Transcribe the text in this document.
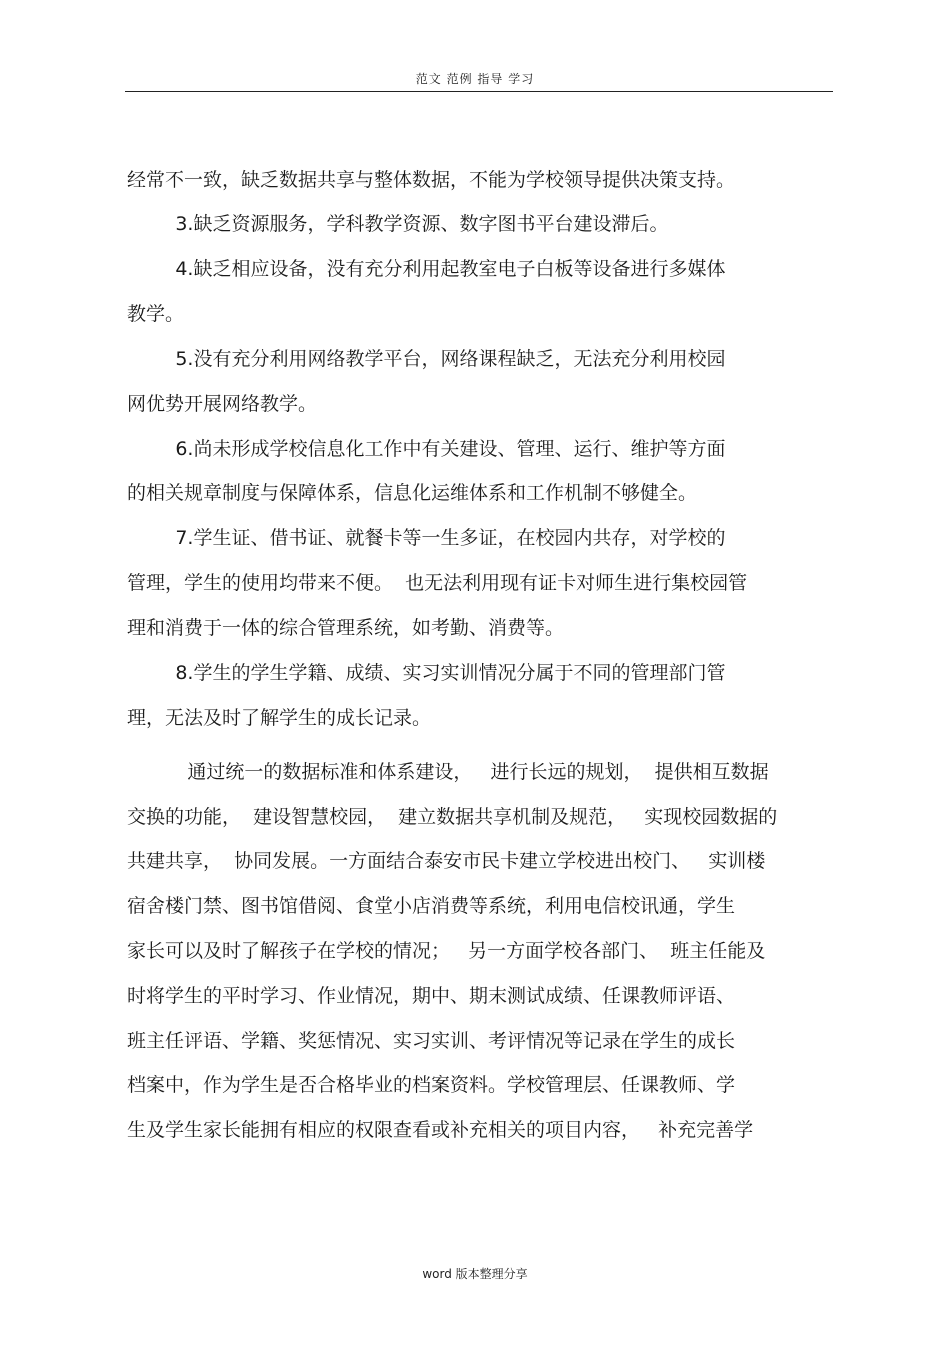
范文 范例 指导 学习
经常不一致，缺乏数据共享与整体数据，不能为学校领导提供决策支持。
3.缺乏资源服务，学科教学资源、数字图书平台建设滞后。
4.缺乏相应设备，没有充分利用起教室电子白板等设备进行多媒体
教学。
5.没有充分利用网络教学平台，网络课程缺乏，无法充分利用校园
网优势开展网络教学。
6.尚未形成学校信息化工作中有关建设、管理、运行、维护等方面
的相关规章制度与保障体系，信息化运维体系和工作机制不够健全。
7.学生证、借书证、就餐卡等一生多证，在校园内共存，对学校的
管理，学生的使用均带来不便。  也无法利用现有证卡对师生进行集校园管
理和消费于一体的综合管理系统，如考勤、消费等。
8.学生的学生学籍、成绩、实习实训情况分属于不同的管理部门管
理，无法及时了解学生的成长记录。
通过统一的数据标准和体系建设，   进行长远的规划，  提供相互数据
交换的功能，  建设智慧校园，  建立数据共享机制及规范，   实现校园数据的
共建共享，  协同发展。一方面结合泰安市民卡建立学校进出校门、   实训楼
宿舍楼门禁、图书馆借阅、食堂小店消费等系统，利用电信校讯通，学生
家长可以及时了解孩子在学校的情况；   另一方面学校各部门、  班主任能及
时将学生的平时学习、作业情况，期中、期末测试成绩、任课教师评语、
班主任评语、学籍、奖惩情况、实习实训、考评情况等记录在学生的成长
档案中，作为学生是否合格毕业的档案资料。学校管理层、任课教师、学
生及学生家长能拥有相应的权限查看或补充相关的项目内容，   补充完善学
word 版本整理分享
